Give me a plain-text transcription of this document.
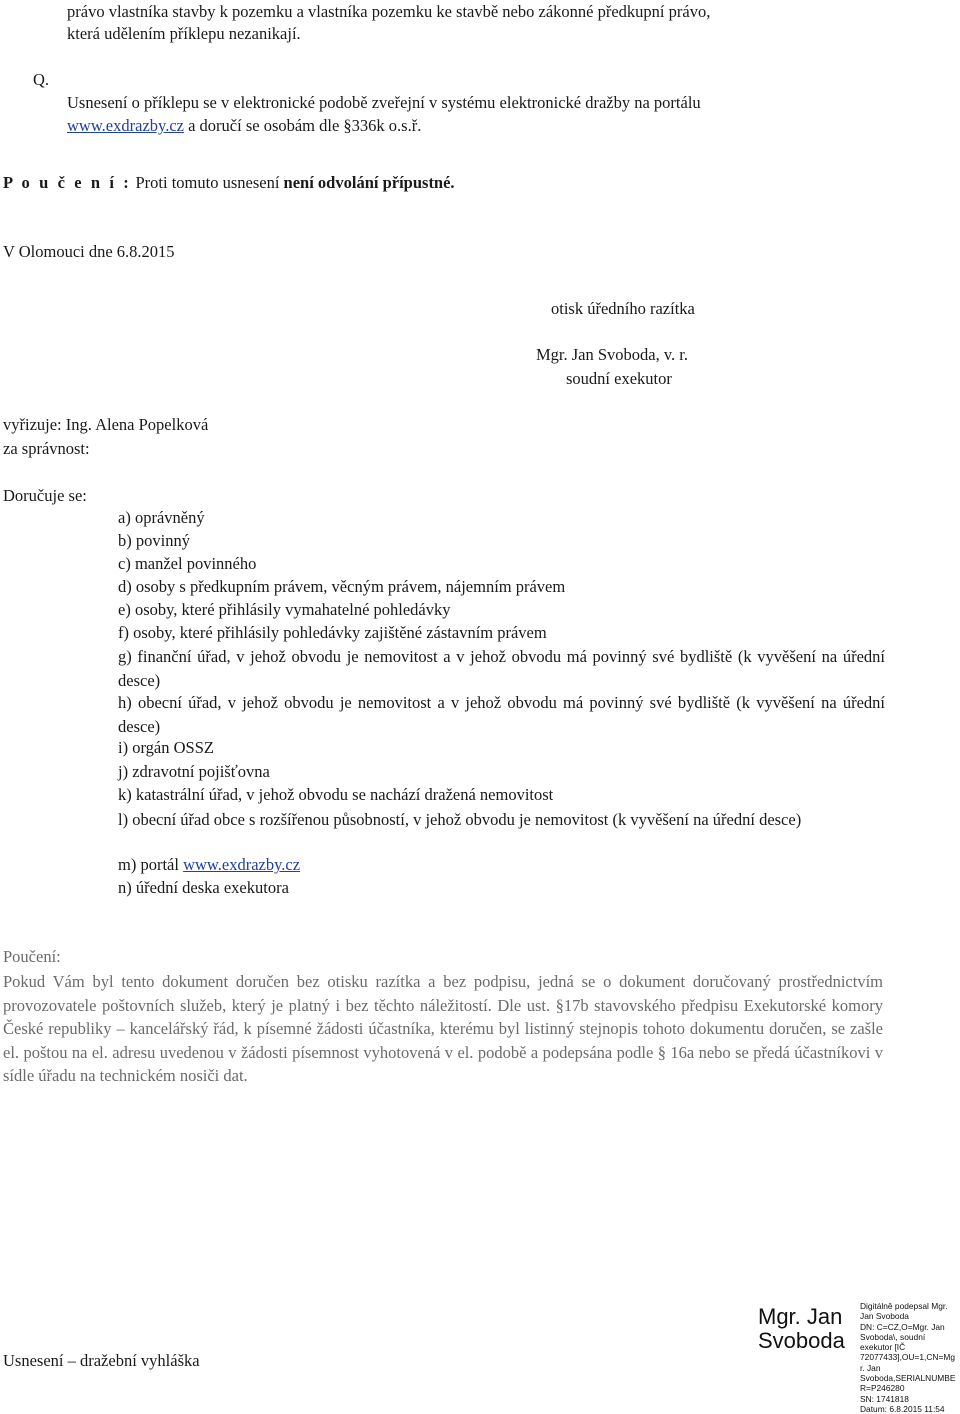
právo vlastníka stavby k pozemku a vlastníka pozemku ke stavbě nebo zákonné předkupní právo,
která udělením příklepu nezanikají.
Q.
Usnesení o příklepu se v elektronické podobě zveřejní v systému elektronické dražby na portálu
www.exdrazby.cz a doručí se osobám dle §336k o.s.ř.
P o u č e n í : Proti tomuto usnesení není odvolání přípustné.
V Olomouci dne 6.8.2015
otisk úředního razítka
Mgr. Jan Svoboda, v. r.
soudní exekutor
vyřizuje: Ing. Alena Popelková
za správnost:
Doručuje se:
a) oprávněný
b) povinný
c) manžel povinného
d) osoby s předkupním právem, věcným právem, nájemním právem
e) osoby, které přihlásily vymahatelné pohledávky
f) osoby, které přihlásily pohledávky zajištěné zástavním právem
g) finanční úřad, v jehož obvodu je nemovitost a v jehož obvodu má povinný své bydliště (k vyvěšení na úřední desce)
h) obecní úřad, v jehož obvodu je nemovitost a v jehož obvodu má povinný své bydliště (k vyvěšení na úřední desce)
i) orgán OSSZ
j) zdravotní pojišťovna
k) katastrální úřad, v jehož obvodu se nachází dražená nemovitost
l) obecní úřad obce s rozšířenou působností, v jehož obvodu je nemovitost (k vyvěšení na úřední desce)
m) portál www.exdrazby.cz
n) úřední deska exekutora
Poučení:

Pokud Vám byl tento dokument doručen bez otisku razítka a bez podpisu, jedná se o dokument doručovaný prostřednictvím provozovatele poštovních služeb, který je platný i bez těchto náležitostí. Dle ust. §17b stavovského předpisu Exekutorské komory České republiky – kancelářský řád, k písemné žádosti účastníka, kterému byl listinný stejnopis tohoto dokumentu doručen, se zašle el. poštou na el. adresu uvedenou v žádosti písemnost vyhotovená v el. podobě a podepsána podle § 16a nebo se předá účastníkovi v sídle úřadu na technickém nosiči dat.

Usnesení – dražební vyhláška
Mgr. Jan
Svoboda
Digitálně podepsal Mgr.
Jan Svoboda
DN: C=CZ,O=Mgr. Jan
Svoboda\, soudní
exekutor [IČ
72077433],OU=1,CN=Mg
r. Jan
Svoboda,SERIALNUMBE
R=P246280
SN: 1741818
Datum: 6.8.2015 11:54
